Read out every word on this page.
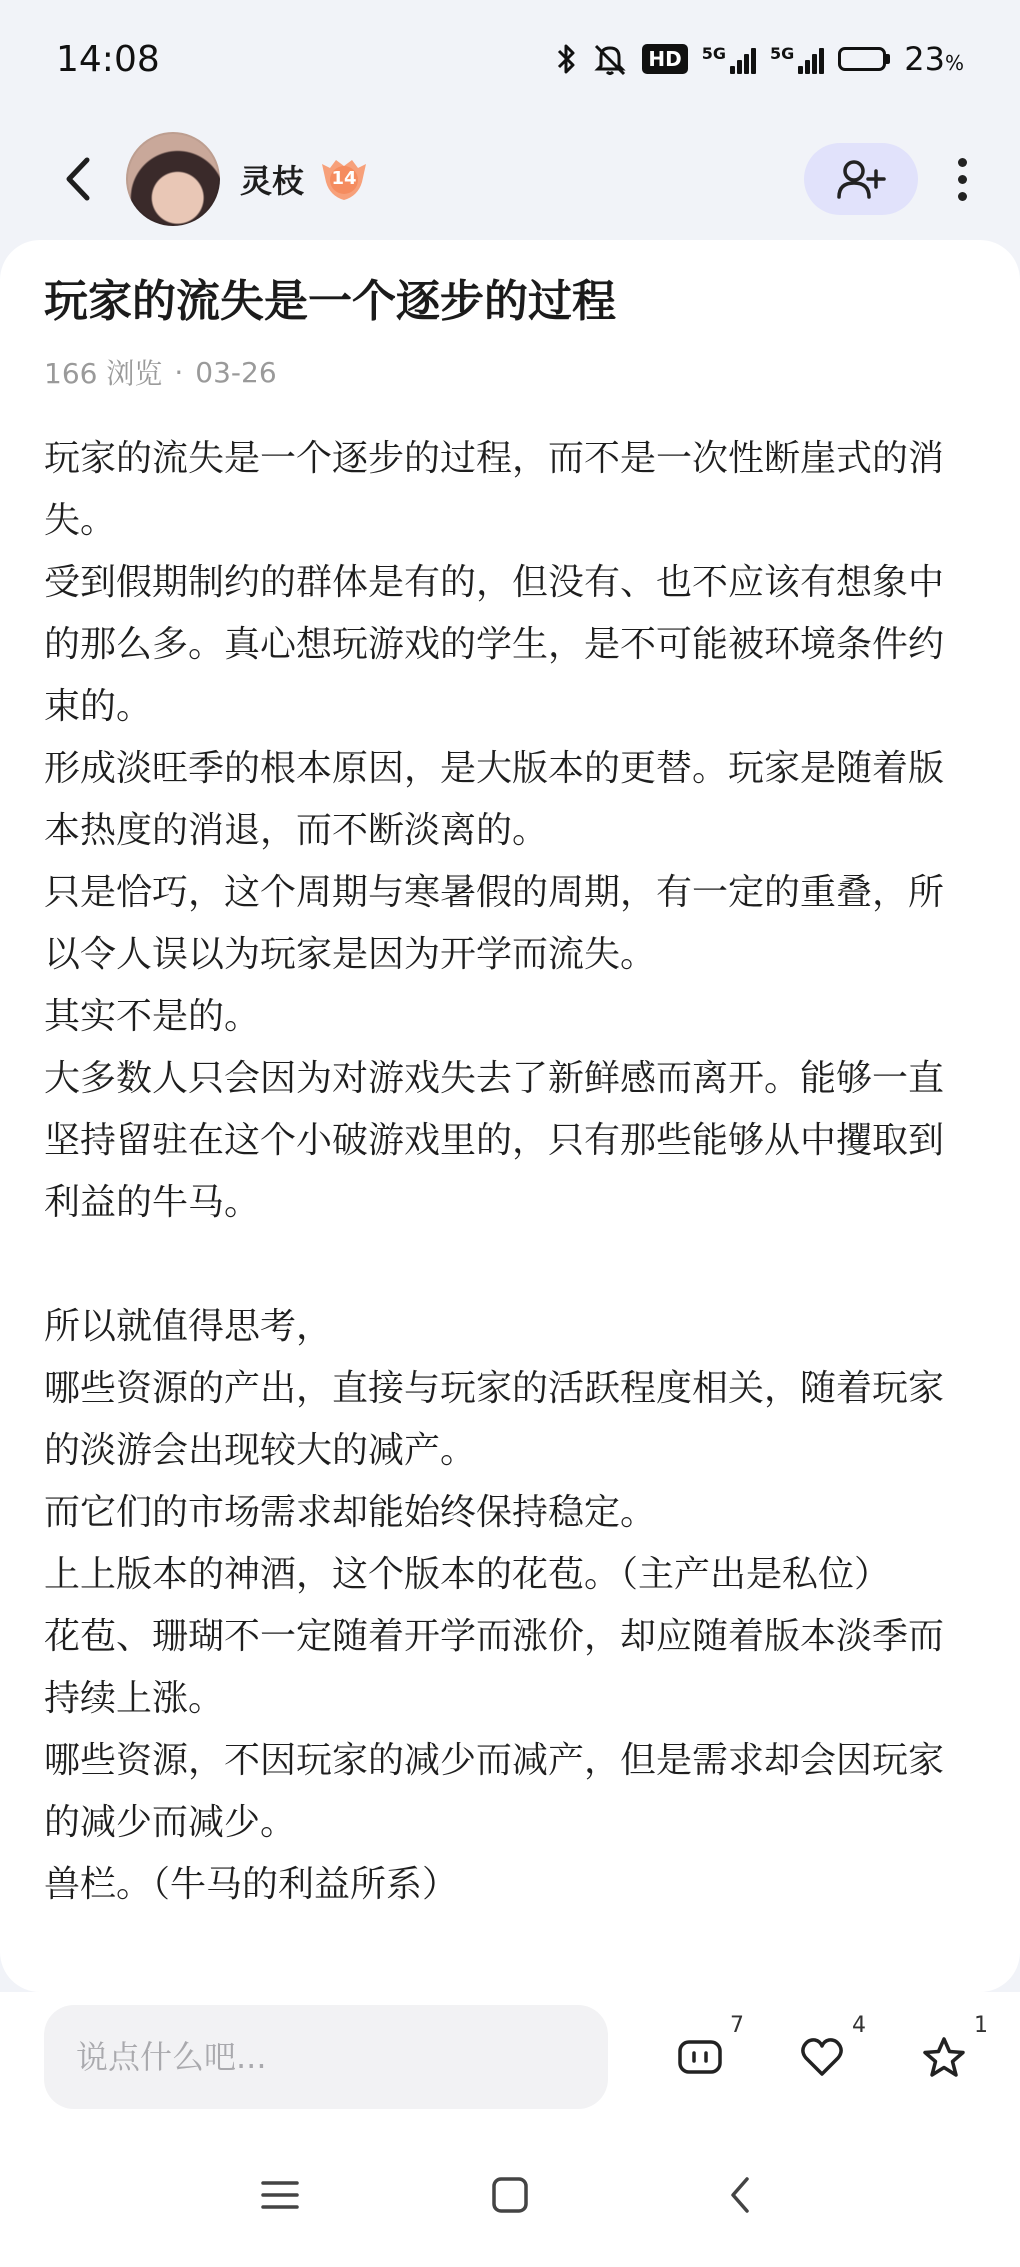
14:08	HD	5G	5G	23%
灵枝 14
玩家的流失是一个逐步的过程
166 浏览 · 03-26

玩家的流失是一个逐步的过程，而不是一次性断崖式的消失。

受到假期制约的群体是有的，但没有、也不应该有想象中的那么多。真心想玩游戏的学生，是不可能被环境条件约束的。

形成淡旺季的根本原因，是大版本的更替。玩家是随着版本热度的消退，而不断淡离的。

只是恰巧，这个周期与寒暑假的周期，有一定的重叠，所以令人误以为玩家是因为开学而流失。

其实不是的。

大多数人只会因为对游戏失去了新鲜感而离开。能够一直坚持留驻在这个小破游戏里的，只有那些能够从中攫取到利益的牛马。

所以就值得思考，

哪些资源的产出，直接与玩家的活跃程度相关，随着玩家的淡游会出现较大的减产。

而它们的市场需求却能始终保持稳定。

上上版本的神酒，这个版本的花苞。（主产出是私位）

花苞、珊瑚不一定随着开学而涨价，却应随着版本淡季而持续上涨。

哪些资源，不因玩家的减少而减产，但是需求却会因玩家的减少而减少。

兽栏。（牛马的利益所系）

说点什么吧...
7	4	1
